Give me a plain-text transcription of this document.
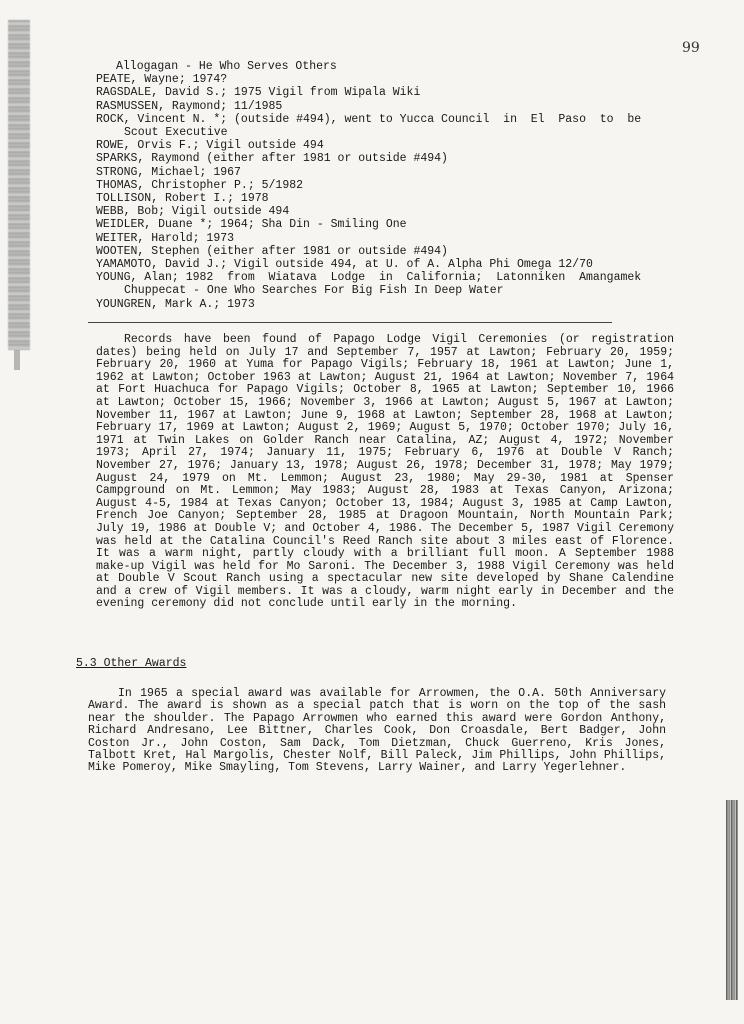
99
Allogagan - He Who Serves Others
PEATE, Wayne; 1974?
RAGSDALE, David S.; 1975 Vigil from Wipala Wiki
RASMUSSEN, Raymond; 11/1985
ROCK, Vincent N. *; (outside #494), went to Yucca Council  in  El  Paso  to  be
Scout Executive
ROWE, Orvis F.; Vigil outside 494
SPARKS, Raymond (either after 1981 or outside #494)
STRONG, Michael; 1967
THOMAS, Christopher P.; 5/1982
TOLLISON, Robert I.; 1978
WEBB, Bob; Vigil outside 494
WEIDLER, Duane *; 1964; Sha Din - Smiling One
WEITER, Harold; 1973
WOOTEN, Stephen (either after 1981 or outside #494)
YAMAMOTO, David J.; Vigil outside 494, at U. of A. Alpha Phi Omega 12/70
YOUNG, Alan; 1982  from  Wiatava  Lodge  in  California;  Latonniken  Amangamek
Chuppecat - One Who Searches For Big Fish In Deep Water
YOUNGREN, Mark A.; 1973

Records have been found of Papago Lodge Vigil Ceremonies (or registration dates) being held on July 17 and September 7, 1957 at Lawton; February 20, 1959; February 20, 1960 at Yuma for Papago Vigils; February 18, 1961 at Lawton; June 1, 1962 at Lawton; October 1963 at Lawton; August 21, 1964 at Lawton; November 7, 1964 at Fort Huachuca for Papago Vigils; October 8, 1965 at Lawton; September 10, 1966 at Lawton; October 15, 1966; November 3, 1966 at Lawton; August 5, 1967 at Lawton; November 11, 1967 at Lawton; June 9, 1968 at Lawton; September 28, 1968 at Lawton; February 17, 1969 at Lawton; August 2, 1969; August 5, 1970; October 1970; July 16, 1971 at Twin Lakes on Golder Ranch near Catalina, AZ; August 4, 1972; November 1973; April 27, 1974; January 11, 1975; February 6, 1976 at Double V Ranch; November 27, 1976; January 13, 1978; August 26, 1978; December 31, 1978; May 1979; August 24, 1979 on Mt. Lemmon; August 23, 1980; May 29-30, 1981 at Spenser Campground on Mt. Lemmon; May 1983; August 28, 1983 at Texas Canyon, Arizona; August 4-5, 1984 at Texas Canyon; October 13, 1984; August 3, 1985 at Camp Lawton, French Joe Canyon; September 28, 1985 at Dragoon Mountain, North Mountain Park; July 19, 1986 at Double V; and October 4, 1986. The December 5, 1987 Vigil Ceremony was held at the Catalina Council's Reed Ranch site about 3 miles east of Florence. It was a warm night, partly cloudy with a brilliant full moon. A September 1988 make-up Vigil was held for Mo Saroni. The December 3, 1988 Vigil Ceremony was held at Double V Scout Ranch using a spectacular new site developed by Shane Calendine and a crew of Vigil members. It was a cloudy, warm night early in December and the evening ceremony did not conclude until early in the morning.

5.3 Other Awards

In 1965 a special award was available for Arrowmen, the O.A. 50th Anniversary Award. The award is shown as a special patch that is worn on the top of the sash near the shoulder. The Papago Arrowmen who earned this award were Gordon Anthony, Richard Andresano, Lee Bittner, Charles Cook, Don Croasdale, Bert Badger, John Coston Jr., John Coston, Sam Dack, Tom Dietzman, Chuck Guerreno, Kris Jones, Talbott Kret, Hal Margolis, Chester Nolf, Bill Paleck, Jim Phillips, John Phillips, Mike Pomeroy, Mike Smayling, Tom Stevens, Larry Wainer, and Larry Yegerlehner.
